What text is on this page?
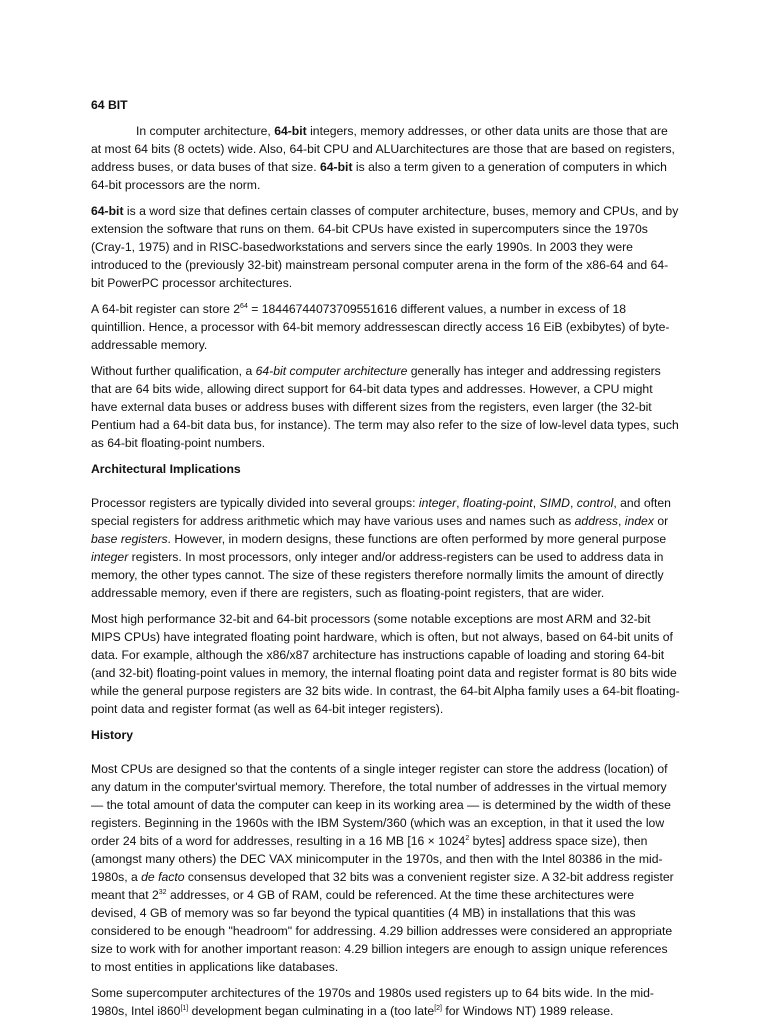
64 BIT

In computer architecture, 64-bit integers, memory addresses, or other data units are those that are at most 64 bits (8 octets) wide. Also, 64-bit CPU and ALUarchitectures are those that are based on registers, address buses, or data buses of that size. 64-bit is also a term given to a generation of computers in which 64-bit processors are the norm.

64-bit is a word size that defines certain classes of computer architecture, buses, memory and CPUs, and by extension the software that runs on them. 64-bit CPUs have existed in supercomputers since the 1970s (Cray-1, 1975) and in RISC-basedworkstations and servers since the early 1990s. In 2003 they were introduced to the (previously 32-bit) mainstream personal computer arena in the form of the x86-64 and 64-bit PowerPC processor architectures.

A 64-bit register can store $2^{64} = 18446744073709551616$ different values, a number in excess of 18 quintillion. Hence, a processor with 64-bit memory addressescan directly access 16 EiB (exbibytes) of byte-addressable memory.

Without further qualification, a 64-bit computer architecture generally has integer and addressing registers that are 64 bits wide, allowing direct support for 64-bit data types and addresses. However, a CPU might have external data buses or address buses with different sizes from the registers, even larger (the 32-bit Pentium had a 64-bit data bus, for instance). The term may also refer to the size of low-level data types, such as 64-bit floating-point numbers.

Architectural Implications

Processor registers are typically divided into several groups: integer, floating-point, SIMD, control, and often special registers for address arithmetic which may have various uses and names such as address, index or base registers. However, in modern designs, these functions are often performed by more general purpose integer registers. In most processors, only integer and/or address-registers can be used to address data in memory, the other types cannot. The size of these registers therefore normally limits the amount of directly addressable memory, even if there are registers, such as floating-point registers, that are wider.

Most high performance 32-bit and 64-bit processors (some notable exceptions are most ARM and 32-bit MIPS CPUs) have integrated floating point hardware, which is often, but not always, based on 64-bit units of data. For example, although the x86/x87 architecture has instructions capable of loading and storing 64-bit (and 32-bit) floating-point values in memory, the internal floating point data and register format is 80 bits wide while the general purpose registers are 32 bits wide. In contrast, the 64-bit Alpha family uses a 64-bit floating-point data and register format (as well as 64-bit integer registers).

History

Most CPUs are designed so that the contents of a single integer register can store the address (location) of any datum in the computer'svirtual memory. Therefore, the total number of addresses in the virtual memory — the total amount of data the computer can keep in its working area — is determined by the width of these registers. Beginning in the 1960s with the IBM System/360 (which was an exception, in that it used the low order 24 bits of a word for addresses, resulting in a 16 MB [$16 \times 1024^2$ bytes] address space size), then (amongst many others) the DEC VAX minicomputer in the 1970s, and then with the Intel 80386 in the mid-1980s, a de facto consensus developed that 32 bits was a convenient register size. A 32-bit address register meant that $2^{32}$ addresses, or 4 GB of RAM, could be referenced. At the time these architectures were devised, 4 GB of memory was so far beyond the typical quantities (4 MB) in installations that this was considered to be enough "headroom" for addressing. 4.29 billion addresses were considered an appropriate size to work with for another important reason: 4.29 billion integers are enough to assign unique references to most entities in applications like databases.

Some supercomputer architectures of the 1970s and 1980s used registers up to 64 bits wide. In the mid-1980s, Intel i860[1] development began culminating in a (too late[2] for Windows NT) 1989 release.
